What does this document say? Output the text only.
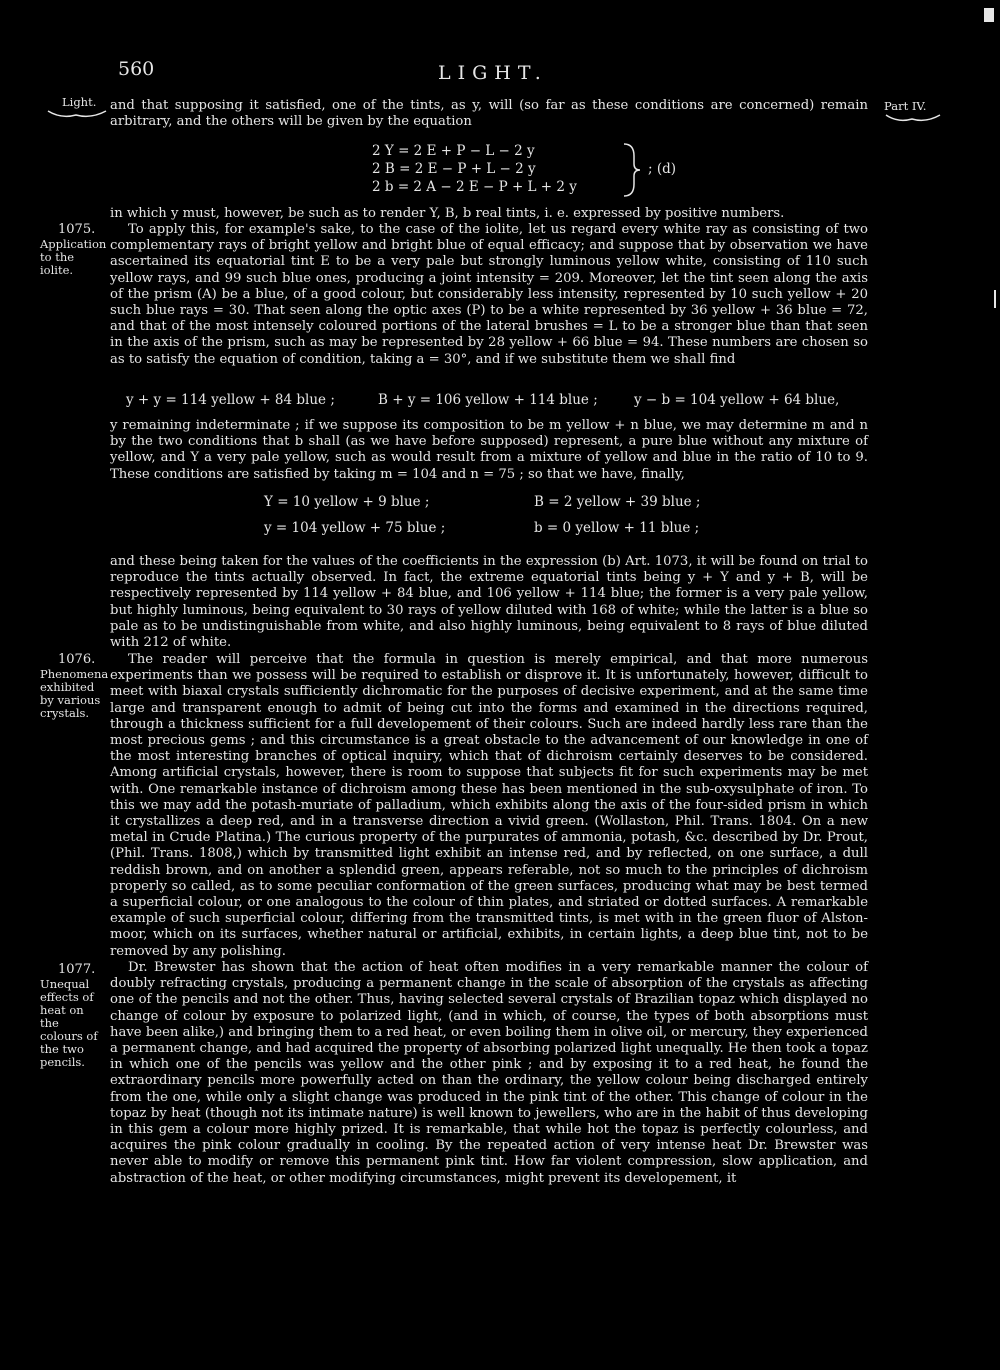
560	LIGHT.
Light.	Part IV.
1075.
Application to the iolite.
1076.
Phenomena exhibited by various crystals.
1077.
Unequal effects of heat on the colours of the two pencils.

and that supposing it satisfied, one of the tints, as y, will (so far as these conditions are concerned) remain arbitrary, and the others will be given by the equation

2 Y = 2 E + P − L − 2 y
2 B = 2 E − P + L − 2 y
2 b = 2 A − 2 E − P + L + 2 y
; (d)

in which y must, however, be such as to render Y, B, b real tints, i. e. expressed by positive numbers.

To apply this, for example's sake, to the case of the iolite, let us regard every white ray as consisting of two complementary rays of bright yellow and bright blue of equal efficacy; and suppose that by observation we have ascertained its equatorial tint E to be a very pale but strongly luminous yellow white, consisting of 110 such yellow rays, and 99 such blue ones, producing a joint intensity = 209. Moreover, let the tint seen along the axis of the prism (A) be a blue, of a good colour, but considerably less intensity, represented by 10 such yellow + 20 such blue rays = 30. That seen along the optic axes (P) to be a white represented by 36 yellow + 36 blue = 72, and that of the most intensely coloured portions of the lateral brushes = L to be a stronger blue than that seen in the axis of the prism, such as may be represented by 28 yellow + 66 blue = 94. These numbers are chosen so as to satisfy the equation of condition, taking a = 30°, and if we substitute them we shall find

y + y = 114 yellow + 84 blue ;	B + y = 106 yellow + 114 blue ;	y − b = 104 yellow + 64 blue,

y remaining indeterminate ; if we suppose its composition to be m yellow + n blue, we may determine m and n by the two conditions that b shall (as we have before supposed) represent, a pure blue without any mixture of yellow, and Y a very pale yellow, such as would result from a mixture of yellow and blue in the ratio of 10 to 9. These conditions are satisfied by taking m = 104 and n = 75 ; so that we have, finally,

Y = 10 yellow + 9 blue ;	B = 2 yellow + 39 blue ;
y = 104 yellow + 75 blue ;	b = 0 yellow + 11 blue ;

and these being taken for the values of the coefficients in the expression (b) Art. 1073, it will be found on trial to reproduce the tints actually observed. In fact, the extreme equatorial tints being y + Y and y + B, will be respectively represented by 114 yellow + 84 blue, and 106 yellow + 114 blue; the former is a very pale yellow, but highly luminous, being equivalent to 30 rays of yellow diluted with 168 of white; while the latter is a blue so pale as to be undistinguishable from white, and also highly luminous, being equivalent to 8 rays of blue diluted with 212 of white.

The reader will perceive that the formula in question is merely empirical, and that more numerous experiments than we possess will be required to establish or disprove it. It is unfortunately, however, difficult to meet with biaxal crystals sufficiently dichromatic for the purposes of decisive experiment, and at the same time large and transparent enough to admit of being cut into the forms and examined in the directions required, through a thickness sufficient for a full developement of their colours. Such are indeed hardly less rare than the most precious gems ; and this circumstance is a great obstacle to the advancement of our knowledge in one of the most interesting branches of optical inquiry, which that of dichroism certainly deserves to be considered. Among artificial crystals, however, there is room to suppose that subjects fit for such experiments may be met with. One remarkable instance of dichroism among these has been mentioned in the sub-oxysulphate of iron. To this we may add the potash-muriate of palladium, which exhibits along the axis of the four-sided prism in which it crystallizes a deep red, and in a transverse direction a vivid green. (Wollaston, Phil. Trans. 1804. On a new metal in Crude Platina.) The curious property of the purpurates of ammonia, potash, &c. described by Dr. Prout, (Phil. Trans. 1808,) which by transmitted light exhibit an intense red, and by reflected, on one surface, a dull reddish brown, and on another a splendid green, appears referable, not so much to the principles of dichroism properly so called, as to some peculiar conformation of the green surfaces, producing what may be best termed a superficial colour, or one analogous to the colour of thin plates, and striated or dotted surfaces. A remarkable example of such superficial colour, differing from the transmitted tints, is met with in the green fluor of Alston-moor, which on its surfaces, whether natural or artificial, exhibits, in certain lights, a deep blue tint, not to be removed by any polishing.

Dr. Brewster has shown that the action of heat often modifies in a very remarkable manner the colour of doubly refracting crystals, producing a permanent change in the scale of absorption of the crystals as affecting one of the pencils and not the other. Thus, having selected several crystals of Brazilian topaz which displayed no change of colour by exposure to polarized light, (and in which, of course, the types of both absorptions must have been alike,) and bringing them to a red heat, or even boiling them in olive oil, or mercury, they experienced a permanent change, and had acquired the property of absorbing polarized light unequally. He then took a topaz in which one of the pencils was yellow and the other pink ; and by exposing it to a red heat, he found the extraordinary pencils more powerfully acted on than the ordinary, the yellow colour being discharged entirely from the one, while only a slight change was produced in the pink tint of the other. This change of colour in the topaz by heat (though not its intimate nature) is well known to jewellers, who are in the habit of thus developing in this gem a colour more highly prized. It is remarkable, that while hot the topaz is perfectly colourless, and acquires the pink colour gradually in cooling. By the repeated action of very intense heat Dr. Brewster was never able to modify or remove this permanent pink tint. How far violent compression, slow application, and abstraction of the heat, or other modifying circumstances, might prevent its developement, it
